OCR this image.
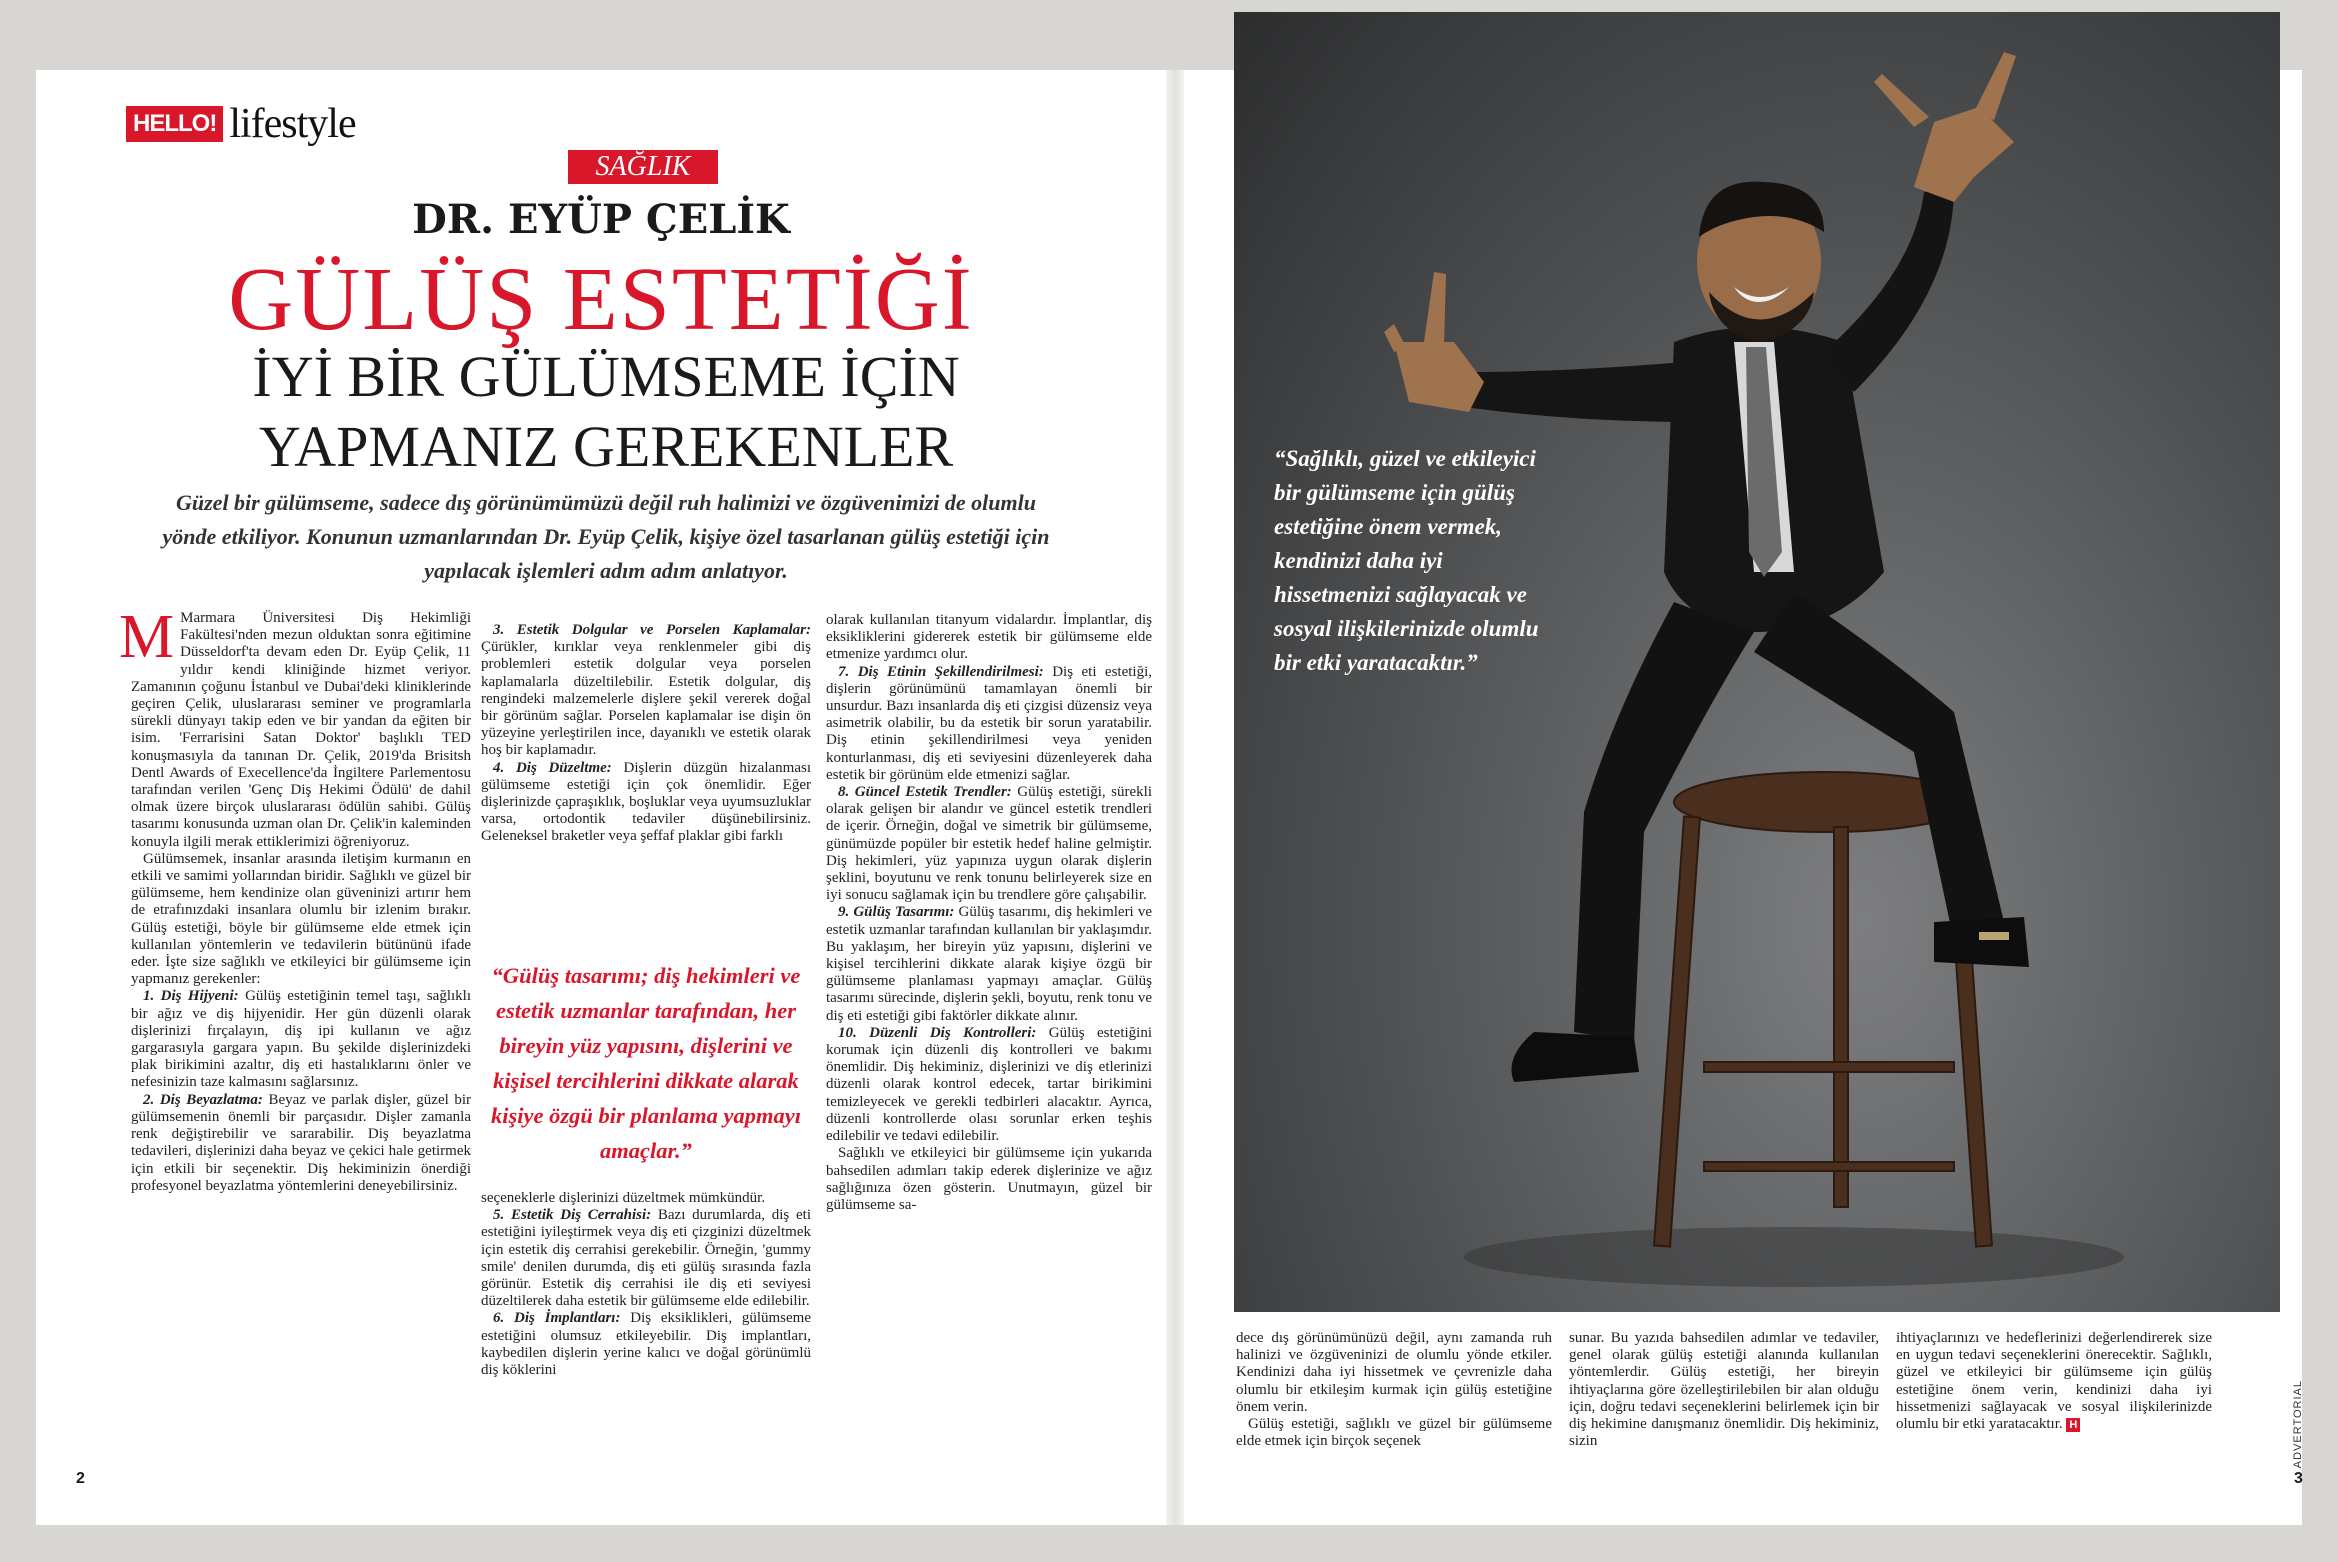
HELLO! lifestyle
SAĞLIK
DR. EYÜP ÇELİK
GÜLÜŞ ESTETİĞİ
İYİ BİR GÜLÜMSEME İÇİN YAPMANIZ GEREKENLER
Güzel bir gülümseme, sadece dış görünümümüzü değil ruh halimizi ve özgüvenimizi de olumlu yönde etkiliyor. Konunun uzmanlarından Dr. Eyüp Çelik, kişiye özel tasarlanan gülüş estetiği için yapılacak işlemleri adım adım anlatıyor.

M Marmara Üniversitesi Diş Hekimliği Fakültesi'nden mezun olduktan sonra eğitimine Düsseldorf'ta devam eden Dr. Eyüp Çelik, 11 yıldır kendi kliniğinde hizmet veriyor. Zamanının çoğunu İstanbul ve Dubai'deki kliniklerinde geçiren Çelik, uluslararası seminer ve programlarla sürekli dünyayı takip eden ve bir yandan da eğiten bir isim. 'Ferrarisini Satan Doktor' başlıklı TED konuşmasıyla da tanınan Dr. Çelik, 2019'da Brisitsh Dentl Awards of Execellence'da İngiltere Parlementosu tarafından verilen 'Genç Diş Hekimi Ödülü' de dahil olmak üzere birçok uluslararası ödülün sahibi. Gülüş tasarımı konusunda uzman olan Dr. Çelik'in kaleminden konuyla ilgili merak ettiklerimizi öğreniyoruz.

Gülümsemek, insanlar arasında iletişim kurmanın en etkili ve samimi yollarından biridir. Sağlıklı ve güzel bir gülümseme, hem kendinize olan güveninizi artırır hem de etrafınızdaki insanlara olumlu bir izlenim bırakır. Gülüş estetiği, böyle bir gülümseme elde etmek için kullanılan yöntemlerin ve tedavilerin bütününü ifade eder. İşte size sağlıklı ve etkileyici bir gülümseme için yapmanız gerekenler:

1. Diş Hijyeni: Gülüş estetiğinin temel taşı, sağlıklı bir ağız ve diş hijyenidir. Her gün düzenli olarak dişlerinizi fırçalayın, diş ipi kullanın ve ağız gargarasıyla gargara yapın. Bu şekilde dişlerinizdeki plak birikimini azaltır, diş eti hastalıklarını önler ve nefesinizin taze kalmasını sağlarsınız.

2. Diş Beyazlatma: Beyaz ve parlak dişler, güzel bir gülümsemenin önemli bir parçasıdır. Dişler zamanla renk değiştirebilir ve sararabilir. Diş beyazlatma tedavileri, dişlerinizi daha beyaz ve çekici hale getirmek için etkili bir seçenektir. Diş hekiminizin önerdiği profesyonel beyazlatma yöntemlerini deneyebilirsiniz.

3. Estetik Dolgular ve Porselen Kaplamalar: Çürükler, kırıklar veya renklenmeler gibi diş problemleri estetik dolgular veya porselen kaplamalarla düzeltilebilir. Estetik dolgular, diş rengindeki malzemelerle dişlere şekil vererek doğal bir görünüm sağlar. Porselen kaplamalar ise dişin ön yüzeyine yerleştirilen ince, dayanıklı ve estetik olarak hoş bir kaplamadır.

4. Diş Düzeltme: Dişlerin düzgün hizalanması gülümseme estetiği için çok önemlidir. Eğer dişlerinizde çapraşıklık, boşluklar veya uyumsuzluklar varsa, ortodontik tedaviler düşünebilirsiniz. Geleneksel braketler veya şeffaf plaklar gibi farklı

“Gülüş tasarımı; diş hekimleri ve estetik uzmanlar tarafından, her bireyin yüz yapısını, dişlerini ve kişisel tercihlerini dikkate alarak kişiye özgü bir planlama yapmayı amaçlar.”

seçeneklerle dişlerinizi düzeltmek mümkündür.

5. Estetik Diş Cerrahisi: Bazı durumlarda, diş eti estetiğini iyileştirmek veya diş eti çizginizi düzeltmek için estetik diş cerrahisi gerekebilir. Örneğin, 'gummy smile' denilen durumda, diş eti gülüş sırasında fazla görünür. Estetik diş cerrahisi ile diş eti seviyesi düzeltilerek daha estetik bir gülümseme elde edilebilir.

6. Diş İmplantları: Diş eksiklikleri, gülümseme estetiğini olumsuz etkileyebilir. Diş implantları, kaybedilen dişlerin yerine kalıcı ve doğal görünümlü diş köklerini

olarak kullanılan titanyum vidalardır. İmplantlar, diş eksikliklerini gidererek estetik bir gülümseme elde etmenize yardımcı olur.

7. Diş Etinin Şekillendirilmesi: Diş eti estetiği, dişlerin görünümünü tamamlayan önemli bir unsurdur. Bazı insanlarda diş eti çizgisi düzensiz veya asimetrik olabilir, bu da estetik bir sorun yaratabilir. Diş etinin şekillendirilmesi veya yeniden konturlanması, diş eti seviyesini düzenleyerek daha estetik bir görünüm elde etmenizi sağlar.

8. Güncel Estetik Trendler: Gülüş estetiği, sürekli olarak gelişen bir alandır ve güncel estetik trendleri de içerir. Örneğin, doğal ve simetrik bir gülümseme, günümüzde popüler bir estetik hedef haline gelmiştir. Diş hekimleri, yüz yapınıza uygun olarak dişlerin şeklini, boyutunu ve renk tonunu belirleyerek size en iyi sonucu sağlamak için bu trendlere göre çalışabilir.

9. Gülüş Tasarımı: Gülüş tasarımı, diş hekimleri ve estetik uzmanlar tarafından kullanılan bir yaklaşımdır. Bu yaklaşım, her bireyin yüz yapısını, dişlerini ve kişisel tercihlerini dikkate alarak kişiye özgü bir gülümseme planlaması yapmayı amaçlar. Gülüş tasarımı sürecinde, dişlerin şekli, boyutu, renk tonu ve diş eti estetiği gibi faktörler dikkate alınır.

10. Düzenli Diş Kontrolleri: Gülüş estetiğini korumak için düzenli diş kontrolleri ve bakımı önemlidir. Diş hekiminiz, dişlerinizi ve diş etlerinizi düzenli olarak kontrol edecek, tartar birikimini temizleyecek ve gerekli tedbirleri alacaktır. Ayrıca, düzenli kontrollerde olası sorunlar erken teşhis edilebilir ve tedavi edilebilir.

Sağlıklı ve etkileyici bir gülümseme için yukarıda bahsedilen adımları takip ederek dişlerinize ve ağız sağlığınıza özen gösterin. Unutmayın, güzel bir gülümseme sa-

2
“Sağlıklı, güzel ve etkileyici bir gülümseme için gülüş estetiğine önem vermek, kendinizi daha iyi hissetmenizi sağlayacak ve sosyal ilişkilerinizde olumlu bir etki yaratacaktır.”

dece dış görünümünüzü değil, aynı zamanda ruh halinizi ve özgüveninizi de olumlu yönde etkiler. Kendinizi daha iyi hissetmek ve çevrenizle daha olumlu bir etkileşim kurmak için gülüş estetiğine önem verin.

Gülüş estetiği, sağlıklı ve güzel bir gülümseme elde etmek için birçok seçenek

sunar. Bu yazıda bahsedilen adımlar ve tedaviler, genel olarak gülüş estetiği alanında kullanılan yöntemlerdir. Gülüş estetiği, her bireyin ihtiyaçlarına göre özelleştirilebilen bir alan olduğu için, doğru tedavi seçeneklerini belirlemek için bir diş hekimine danışmanız önemlidir. Diş hekiminiz, sizin

ihtiyaçlarınızı ve hedeflerinizi değerlendirerek size en uygun tedavi seçeneklerini önerecektir. Sağlıklı, güzel ve etkileyici bir gülümseme için gülüş estetiğine önem verin, kendinizi daha iyi hissetmenizi sağlayacak ve sosyal ilişkilerinizde olumlu bir etki yaratacaktır. H	ADVERTORIAL
3
